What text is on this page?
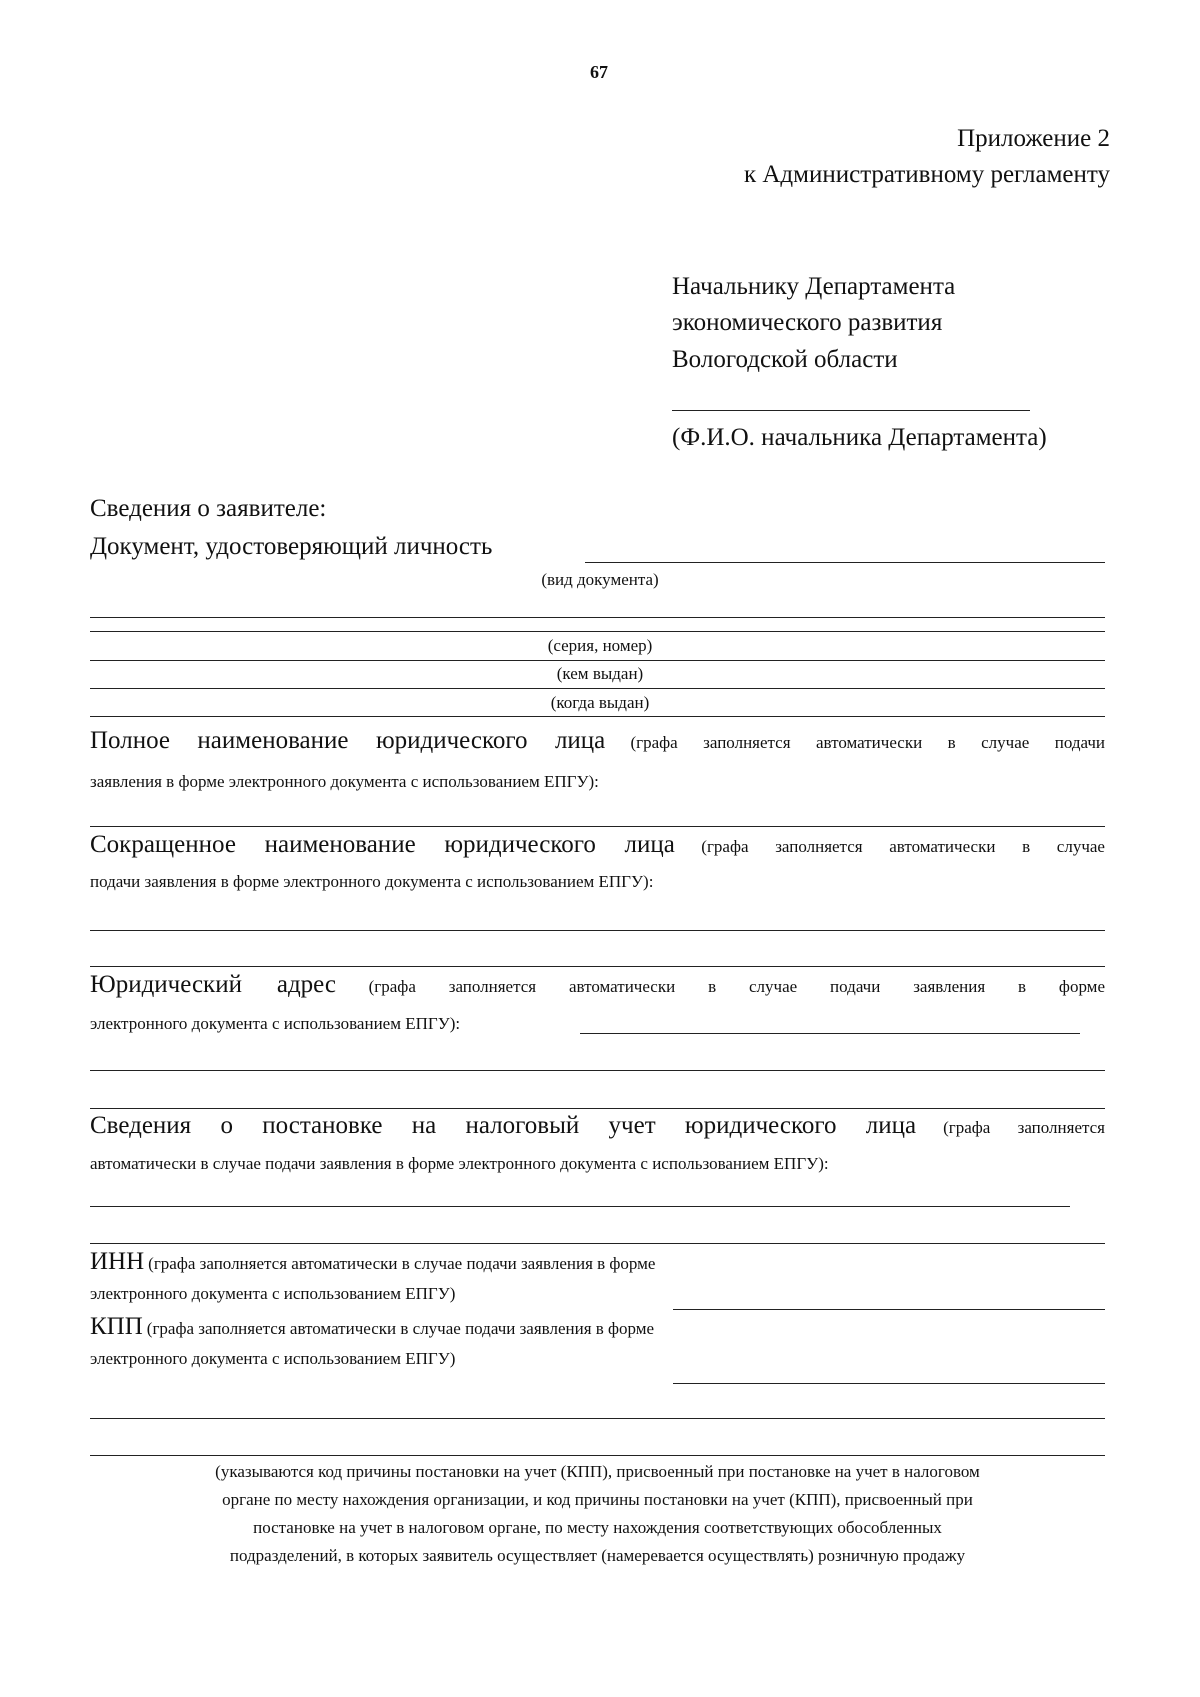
67
Приложение 2
к Административному регламенту
Начальнику Департамента
экономического развития
Вологодской области
(Ф.И.О. начальника Департамента)
Сведения о заявителе:
Документ, удостоверяющий личность
(вид документа)
(серия, номер)
(кем выдан)
(когда выдан)
Полное наименование юридического лица (графа заполняется автоматически в случае подачи
заявления в форме электронного документа с использованием ЕПГУ):
Сокращенное наименование юридического лица (графа заполняется автоматически в случае
подачи заявления в форме электронного документа с использованием ЕПГУ):
Юридический адрес (графа заполняется автоматически в случае подачи заявления в форме
электронного документа с использованием ЕПГУ):
Сведения о постановке на налоговый учет юридического лица (графа заполняется
автоматически в случае подачи заявления в форме электронного документа с использованием ЕПГУ):
ИНН (графа заполняется автоматически в случае подачи заявления в форме
электронного документа с использованием ЕПГУ)
КПП (графа заполняется автоматически в случае подачи заявления в форме
электронного документа с использованием ЕПГУ)
(указываются код причины постановки на учет (КПП), присвоенный при постановке на учет в налоговом
органе по месту нахождения организации, и код причины постановки на учет (КПП), присвоенный при
постановке на учет в налоговом органе, по месту нахождения соответствующих обособленных
подразделений, в которых заявитель осуществляет (намеревается осуществлять) розничную продажу
